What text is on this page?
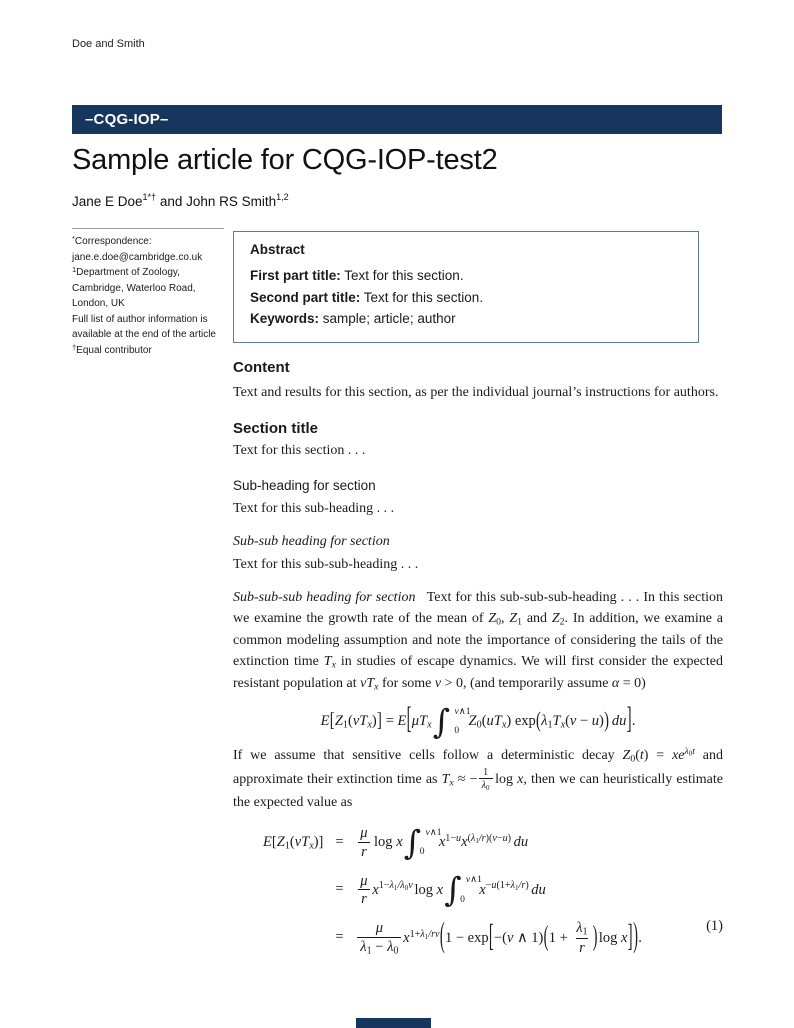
Doe and Smith
–CQG-IOP–
Sample article for CQG-IOP-test2
Jane E Doe$^{1*\dagger}$ and John RS Smith$^{1,2}$
*Correspondence:
jane.e.doe@cambridge.co.uk
$^1$Department of Zoology,
Cambridge, Waterloo Road,
London, UK
Full list of author information is
available at the end of the article
†Equal contributor
Abstract
First part title: Text for this section.
Second part title: Text for this section.
Keywords: sample; article; author
Content

Text and results for this section, as per the individual journal’s instructions for authors.

Section title

Text for this section . . .

Sub-heading for section

Text for this sub-heading . . .

Sub-sub heading for section

Text for this sub-sub-heading . . .

Sub-sub-sub heading for section Text for this sub-sub-sub-heading . . . In this section we examine the growth rate of the mean of $Z_0$, $Z_1$ and $Z_2$. In addition, we examine a common modeling assumption and note the importance of considering the tails of the extinction time $T_x$ in studies of escape dynamics. We will first consider the expected resistant population at $vT_x$ for some v > 0, (and temporarily assume α = 0)

$E[Z_1(vT_x)] = E[\mu T_x$ ∫ v∧1
0
$Z_0(uT_x) \exp(\lambda_1T_x(v - u))$ du].

If we assume that sensitive cells follow a deterministic decay $Z_0(t) = xe^{\lambda_0t}$ and approximate their extinction time as $T_x$ ≈ − $\frac{1}{\lambda_0}$ log x, then we can heuristically estimate the expected value as

$E[Z_1(vT_x)] = \frac{\mu}{r}$ log x ∫ v∧1
0
$x^{1-u}x^{(\lambda_1/r)(v-u)}$ du
= $\frac{\mu}{r} x^{1-\lambda_1/\lambda_0v}$ log x ∫ v∧1
0
$x^{-u(1+\lambda_1/r)}$ du
= $\frac{\mu}{\lambda_1 - \lambda_0} x^{1+\lambda_1/rv}(1 - \exp[-(v$ ∧ $1)(1 + \frac{\lambda_1}{r} )\log$ x]).
(1)
